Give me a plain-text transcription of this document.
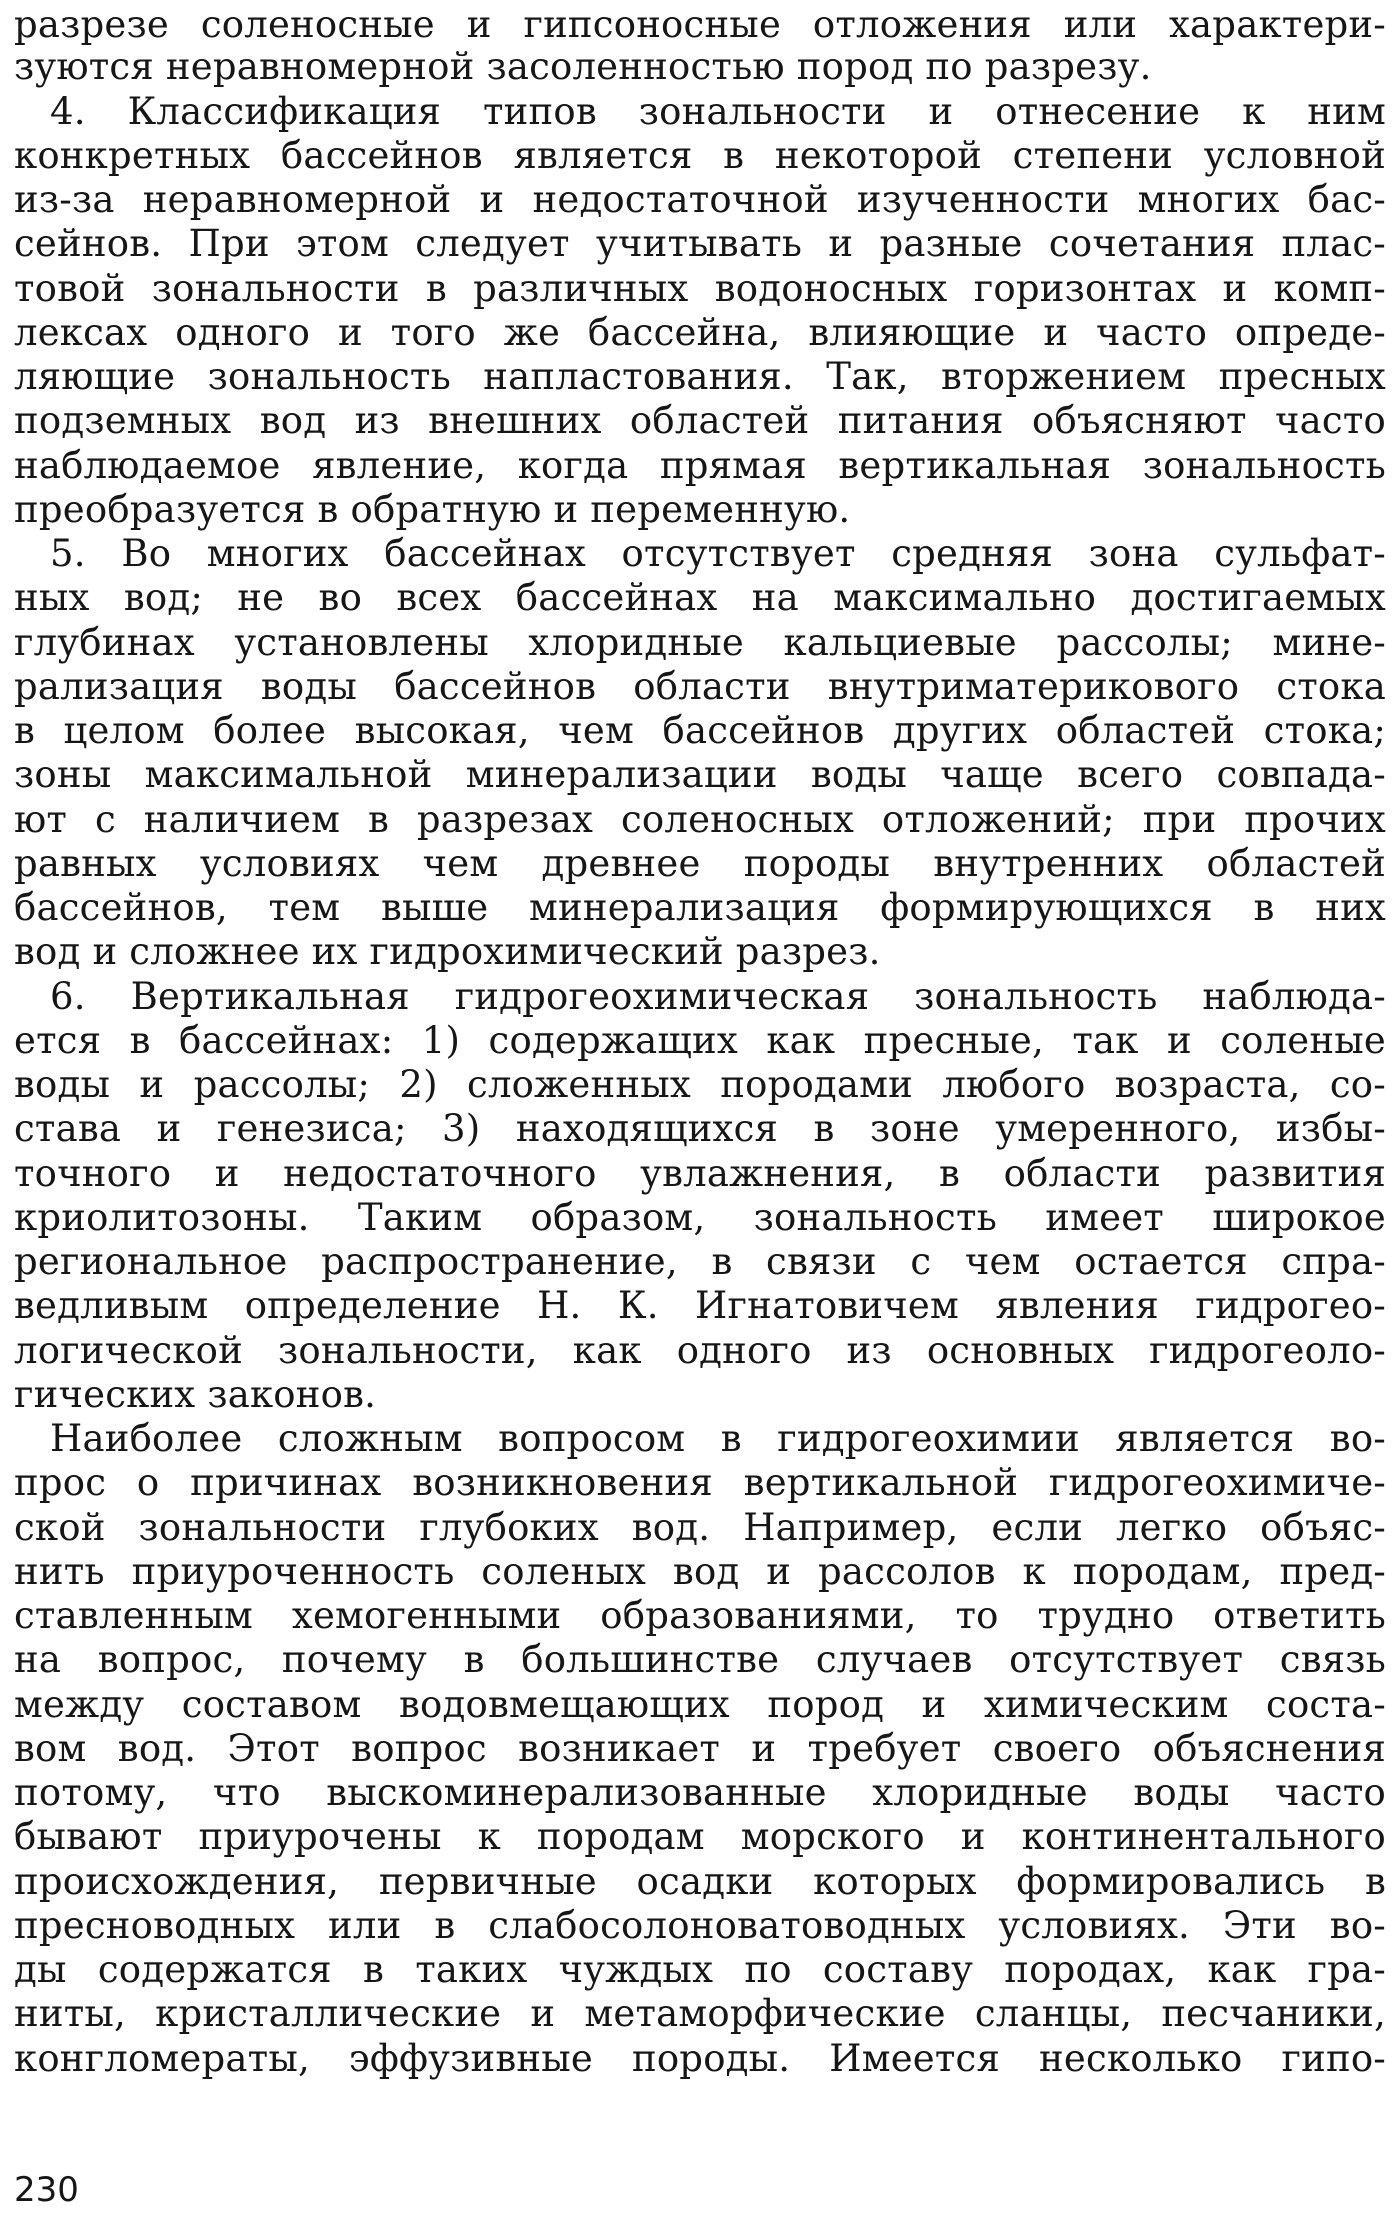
разрезе соленосные и гипсоносные отложения или характери-
зуются неравномерной засоленностью пород по разрезу.
4. Классификация типов зональности и отнесение к ним
конкретных бассейнов является в некоторой степени условной
из-за неравномерной и недостаточной изученности многих бас-
сейнов. При этом следует учитывать и разные сочетания плас-
товой зональности в различных водоносных горизонтах и комп-
лексах одного и того же бассейна, влияющие и часто опреде-
ляющие зональность напластования. Так, вторжением пресных
подземных вод из внешних областей питания объясняют часто
наблюдаемое явление, когда прямая вертикальная зональность
преобразуется в обратную и переменную.
5. Во многих бассейнах отсутствует средняя зона сульфат-
ных вод; не во всех бассейнах на максимально достигаемых
глубинах установлены хлоридные кальциевые рассолы; мине-
рализация воды бассейнов области внутриматерикового стока
в целом более высокая, чем бассейнов других областей стока;
зоны максимальной минерализации воды чаще всего совпада-
ют с наличием в разрезах соленосных отложений; при прочих
равных условиях чем древнее породы внутренних областей
бассейнов, тем выше минерализация формирующихся в них
вод и сложнее их гидрохимический разрез.
6. Вертикальная гидрогеохимическая зональность наблюда-
ется в бассейнах: 1) содержащих как пресные, так и соленые
воды и рассолы; 2) сложенных породами любого возраста, со-
става и генезиса; 3) находящихся в зоне умеренного, избы-
точного и недостаточного увлажнения, в области развития
криолитозоны. Таким образом, зональность имеет широкое
региональное распространение, в связи с чем остается спра-
ведливым определение Н. К. Игнатовичем явления гидрогео-
логической зональности, как одного из основных гидрогеоло-
гических законов.
Наиболее сложным вопросом в гидрогеохимии является во-
прос о причинах возникновения вертикальной гидрогеохимиче-
ской зональности глубоких вод. Например, если легко объяс-
нить приуроченность соленых вод и рассолов к породам, пред-
ставленным хемогенными образованиями, то трудно ответить
на вопрос, почему в большинстве случаев отсутствует связь
между составом водовмещающих пород и химическим соста-
вом вод. Этот вопрос возникает и требует своего объяснения
потому, что выскоминерализованные хлоридные воды часто
бывают приурочены к породам морского и континентального
происхождения, первичные осадки которых формировались в
пресноводных или в слабосолоноватоводных условиях. Эти во-
ды содержатся в таких чуждых по составу породах, как гра-
ниты, кристаллические и метаморфические сланцы, песчаники,
конгломераты, эффузивные породы. Имеется несколько гипо-
230
